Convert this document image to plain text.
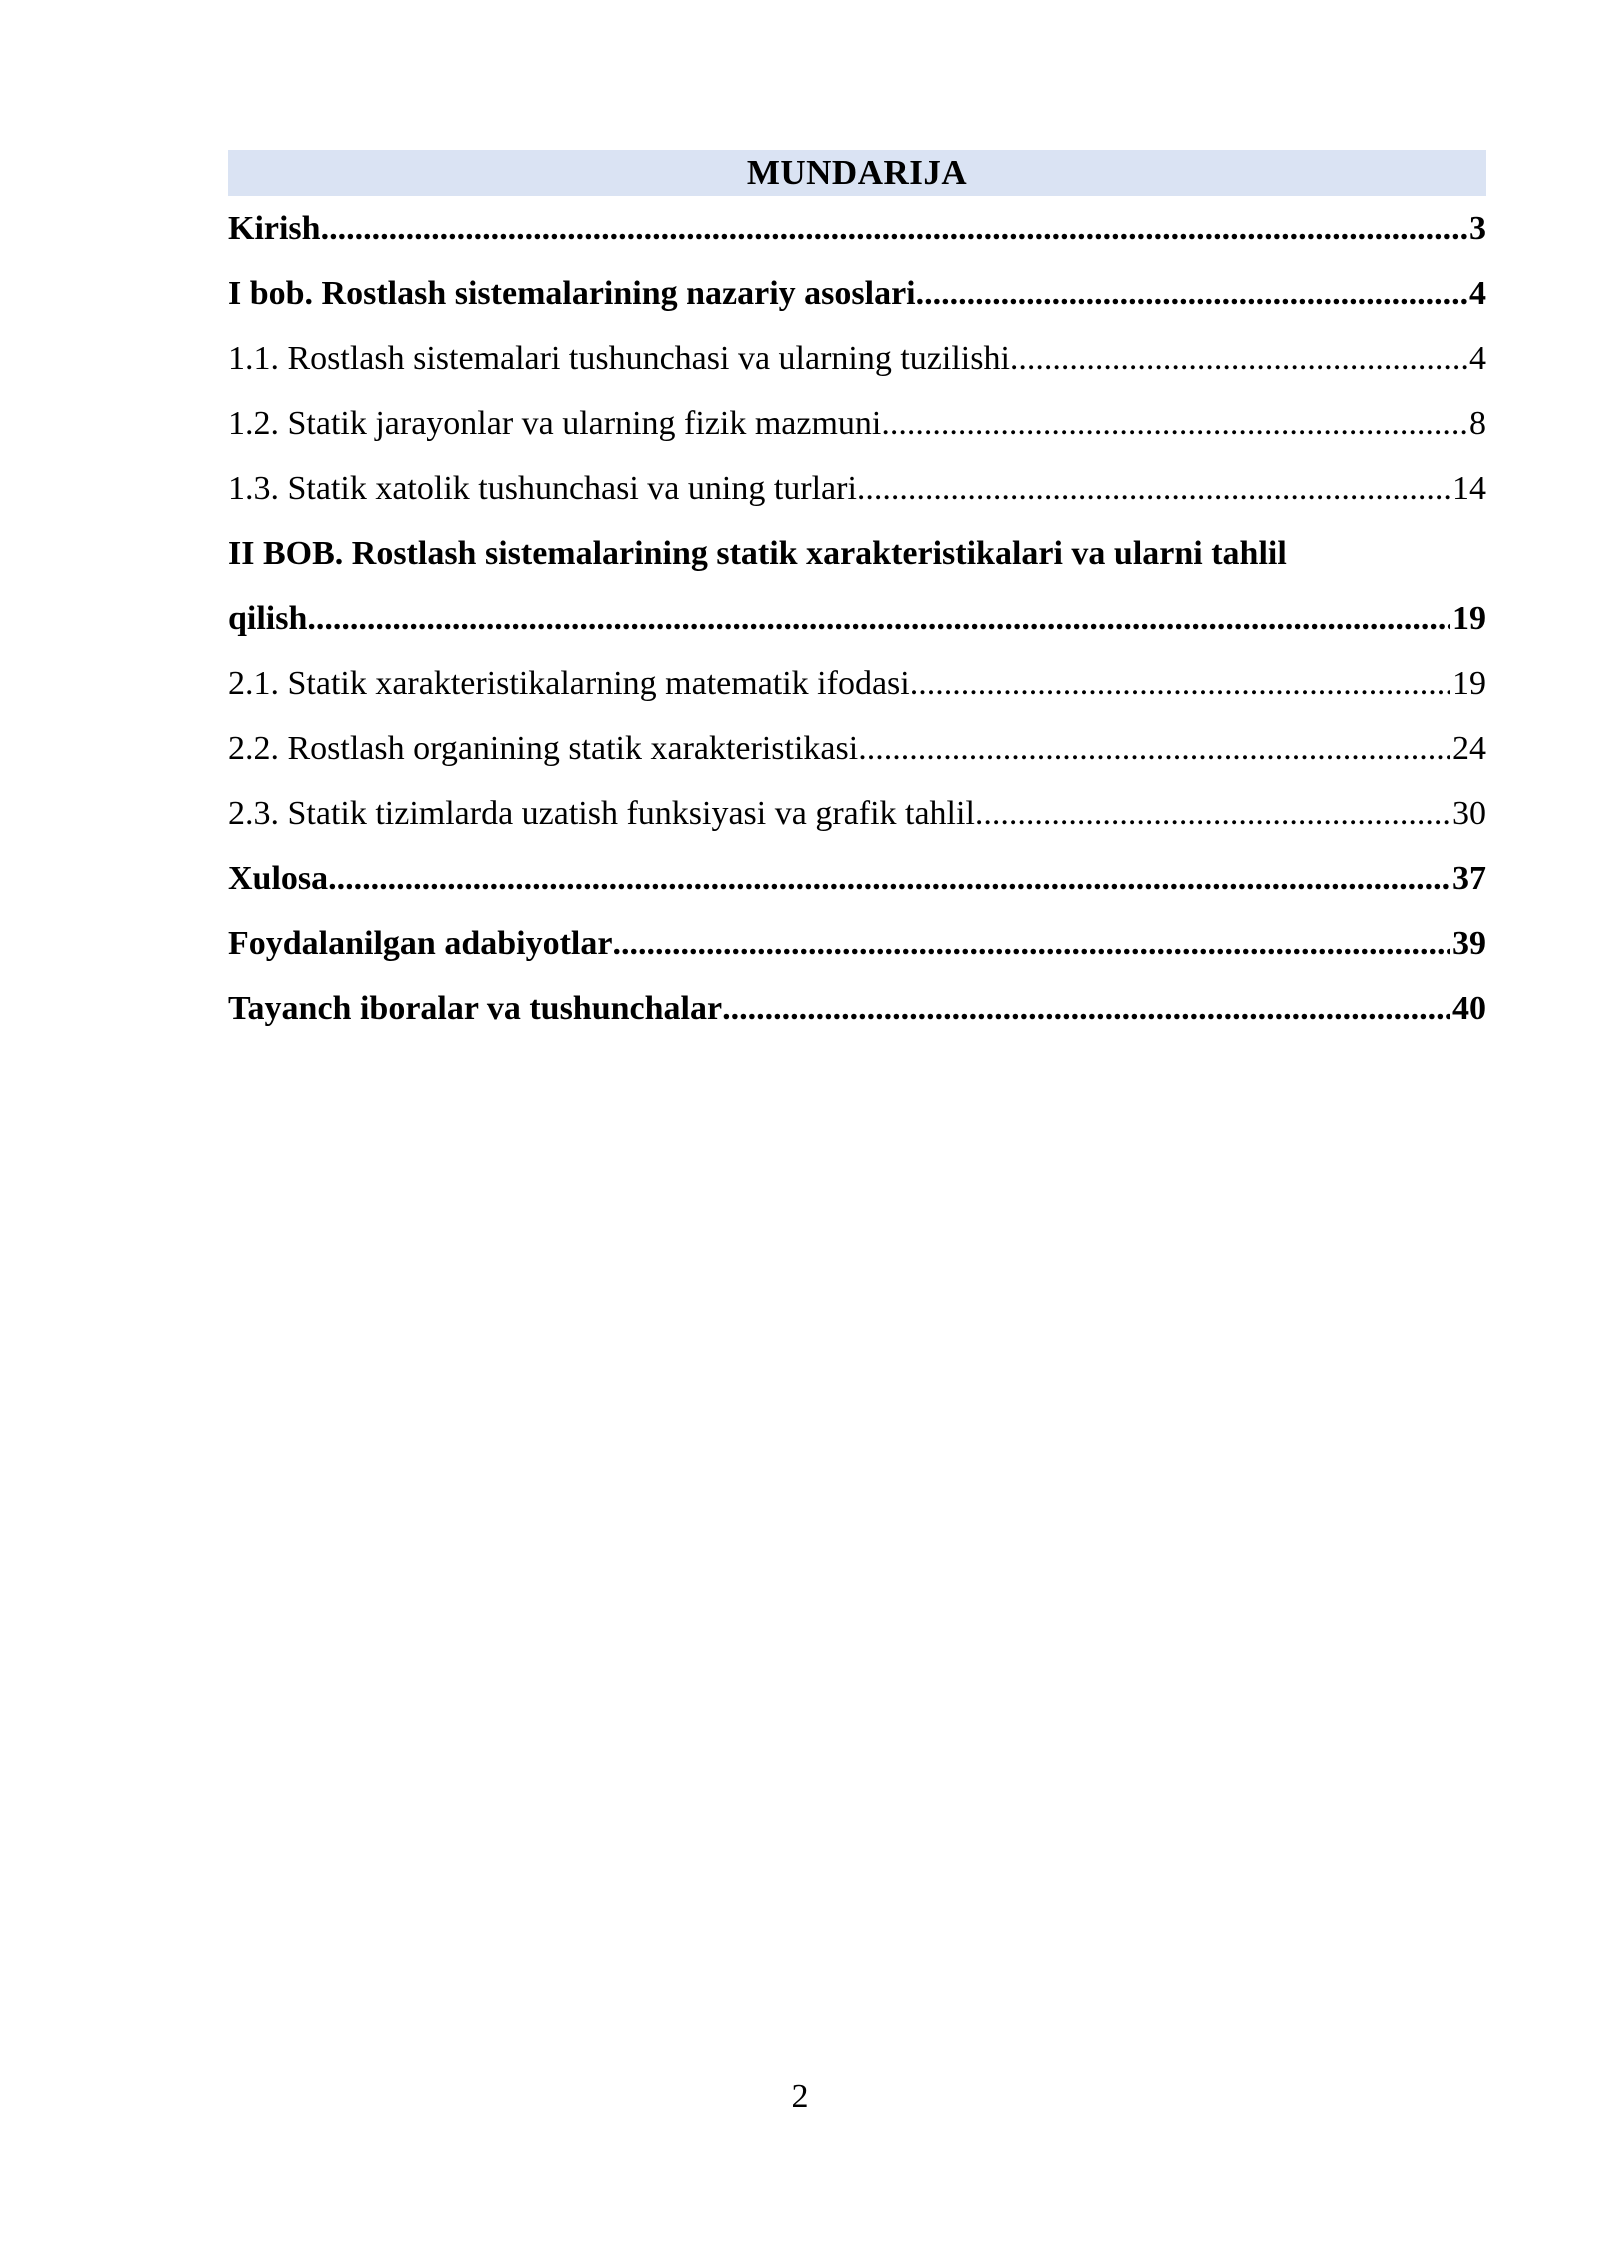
MUNDARIJA
Kirish .....	3
I bob. Rostlash sistemalarining nazariy asoslari .....	4
1.1. Rostlash sistemalari tushunchasi va ularning tuzilishi .....	4
1.2. Statik jarayonlar va ularning fizik mazmuni .....	8
1.3. Statik xatolik tushunchasi va uning turlari .....	14
II BOB. Rostlash sistemalarining statik xarakteristikalari va ularni tahlil
qilish .....	19
2.1. Statik xarakteristikalarning matematik ifodasi .....	19
2.2. Rostlash organining statik xarakteristikasi .....	24
2.3. Statik tizimlarda uzatish funksiyasi va grafik tahlil .....	30
Xulosa .....	37
Foydalanilgan adabiyotlar .....	39
Tayanch iboralar va tushunchalar .....	40
2
